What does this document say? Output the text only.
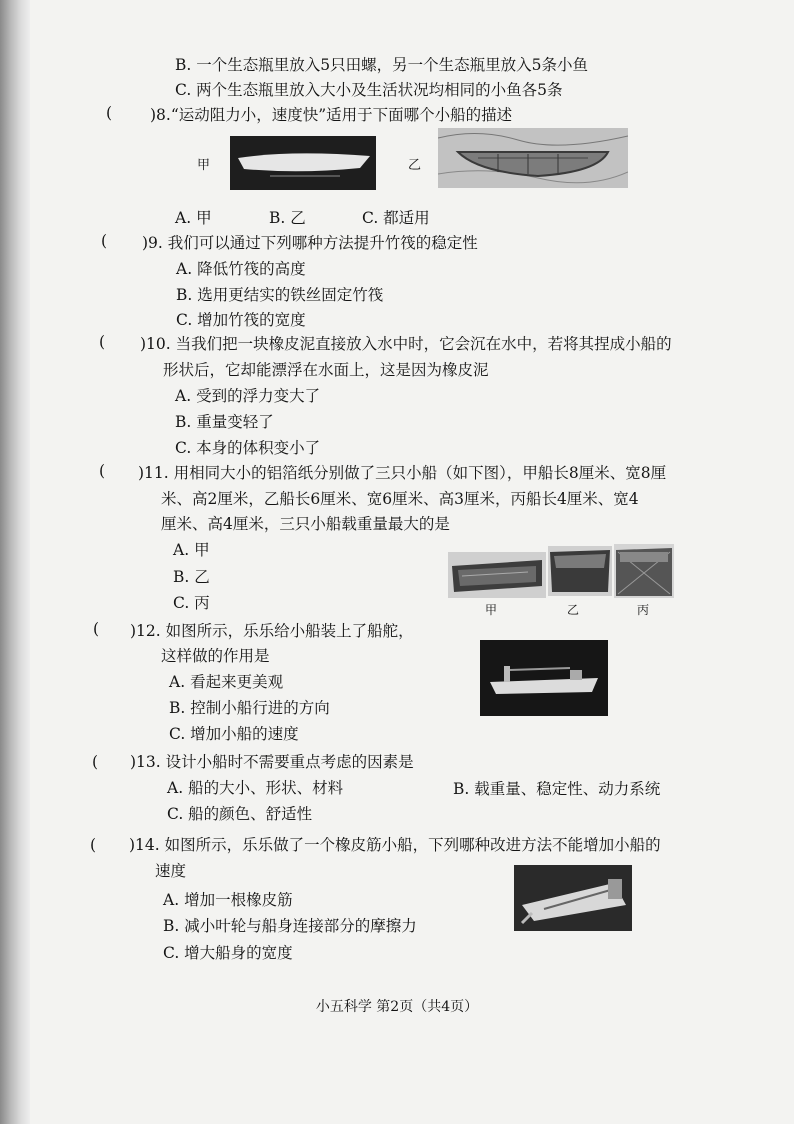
B. 一个生态瓶里放入5只田螺，另一个生态瓶里放入5条小鱼
C. 两个生态瓶里放入大小及生活状况均相同的小鱼各5条
( )8.“运动阻力小，速度快”适用于下面哪个小船的描述
甲	乙
A. 甲	B. 乙	C. 都适用
( )9. 我们可以通过下列哪种方法提升竹筏的稳定性
A. 降低竹筏的高度
B. 选用更结实的铁丝固定竹筏
C. 增加竹筏的宽度
( )10. 当我们把一块橡皮泥直接放入水中时，它会沉在水中，若将其捏成小船的
形状后，它却能漂浮在水面上，这是因为橡皮泥
A. 受到的浮力变大了
B. 重量变轻了
C. 本身的体积变小了
( )11. 用相同大小的铝箔纸分别做了三只小船（如下图），甲船长8厘米、宽8厘
米、高2厘米，乙船长6厘米、宽6厘米、高3厘米，丙船长4厘米、宽4
厘米、高4厘米，三只小船载重量最大的是
A. 甲
B. 乙
C. 丙	甲	乙	丙
( )12. 如图所示，乐乐给小船装上了船舵，
这样做的作用是
A. 看起来更美观
B. 控制小船行进的方向
C. 增加小船的速度
( )13. 设计小船时不需要重点考虑的因素是
A. 船的大小、形状、材料	B. 载重量、稳定性、动力系统
C. 船的颜色、舒适性
( )14. 如图所示，乐乐做了一个橡皮筋小船，下列哪种改进方法不能增加小船的
速度
A. 增加一根橡皮筋
B. 减小叶轮与船身连接部分的摩擦力
C. 增大船身的宽度
小五科学 第2页（共4页）
